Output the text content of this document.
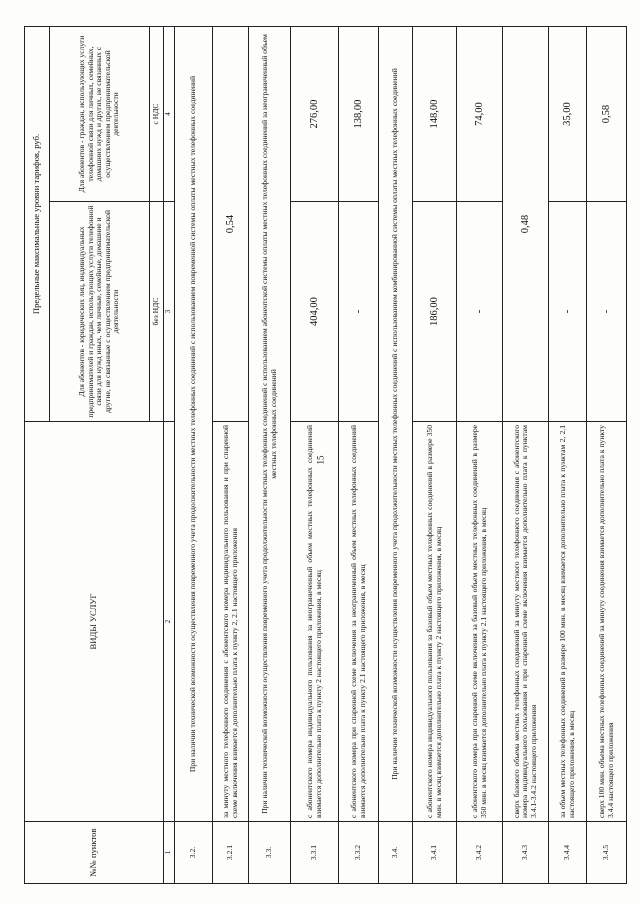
15
№№ пунктов	ВИДЫ УСЛУГ	Предельные максимальные уровни тарифов, руб.	
		Для абонентов - юридических лиц, индивидуальных предпринимателей и граждан, использующих услуги телефонной связи для нужд иных, чем личные, семейные, домашние и другие, не связанные с осуществлением предпринимательской деятельности	Для абонентов - граждан, использующих услуги телефонной связи для личных, семейных, домашних нужд и других, не связанных с осуществлением предпринимательской деятельности
		без НДС	с НДС
1	2	3	4
3.2.	При наличии технической возможности осуществления повременного учета продолжительности местных телефонных соединений с использованием повременной системы оплаты местных телефонных соединений		
3.2.1	за минуту местного телефонного соединения с абонентского номера индивидуального пользования и при спаренной схеме включения взимается дополнительно плата к пункту 2, 2.1 настоящего приложения	0,54	
3.3.	При наличии технической возможности осуществления повременного учета продолжительности местных телефонных соединений с использованием абонентской системы оплаты местных телефонных соединений за неограниченный объем местных телефонных соединений		
3.3.1	с абонентского номера индивидуального пользования за неограниченный объем местных телефонных соединений взимается дополнительно плата к пункту 2 настоящего приложения, в месяц	404,00	276,00
3.3.2	с абонентского номера при спаренной схеме включения за неограниченный объем местных телефонных соединений взимается дополнительно плата к пункту 2.1 настоящего приложения, в месяц	-	138,00
3.4.	При наличии технической возможности осуществления повременного учета продолжительности местных телефонных соединений с использованием комбинированной системы оплаты местных телефонных соединений		
3.4.1	с абонентского номера индивидуального пользования за базовый объем местных телефонных соединений в размере 350 мин. в месяц взимается дополнительно плата к пункту 2 настоящего приложения, в месяц	186,00	148,00
3.4.2	с абонентского номера при спаренной схеме включения за базовый объем местных телефонных соединений в размере 350 мин. в месяц взимается дополнительно плата к пункту 2.1 настоящего приложения, в месяц	-	74,00
3.4.3	сверх базового объема местных телефонных соединений за минуту местного телефонного соединения с абонентского номера индивидуального пользования и при спаренной схеме включения взимается дополнительно плата к пунктам 3.4.1-3.4.2 настоящего приложения	0,48	
3.4.4	за объем местных телефонных соединений в размере 100 мин. в месяц взимается дополнительно плата к пунктам 2, 2.1 настоящего приложения, в месяц	-	35,00
3.4.5	сверх 100 мин. объема местных телефонных соединений за минуту соединения взимается дополнительно плата к пункту 3.4.4 настоящего приложения	-	0,58
